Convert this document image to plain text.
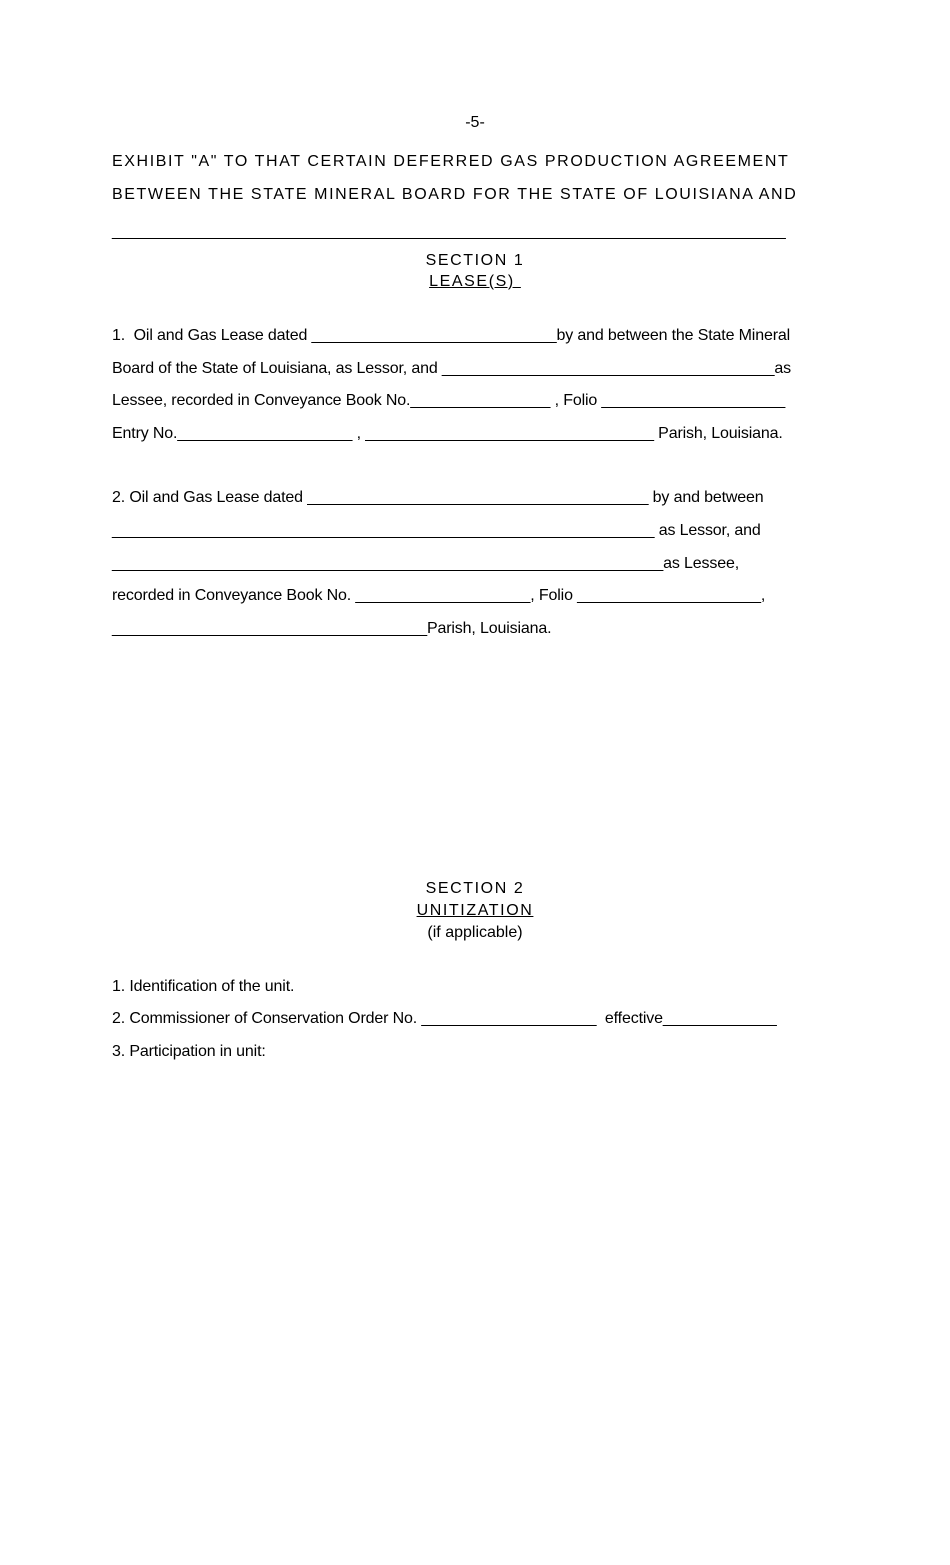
-5-
EXHIBIT "A" TO THAT CERTAIN DEFERRED GAS PRODUCTION AGREEMENT
BETWEEN THE STATE MINERAL BOARD FOR THE STATE OF LOUISIANA AND
_____________________________________________________________________________
SECTION 1
LEASE(S)
1.  Oil and Gas Lease dated ____________________________by and between the State Mineral
Board of the State of Louisiana, as Lessor, and ______________________________________as
Lessee, recorded in Conveyance Book No.________________ , Folio _____________________
Entry No.____________________ , _________________________________ Parish, Louisiana.
2. Oil and Gas Lease dated _______________________________________ by and between
______________________________________________________________ as Lessor, and
_______________________________________________________________as Lessee,
recorded in Conveyance Book No. ____________________, Folio _____________________,
____________________________________Parish, Louisiana.
SECTION 2
UNITIZATION
(if applicable)
1. Identification of the unit.
2. Commissioner of Conservation Order No. ____________________  effective_____________
3. Participation in unit:
